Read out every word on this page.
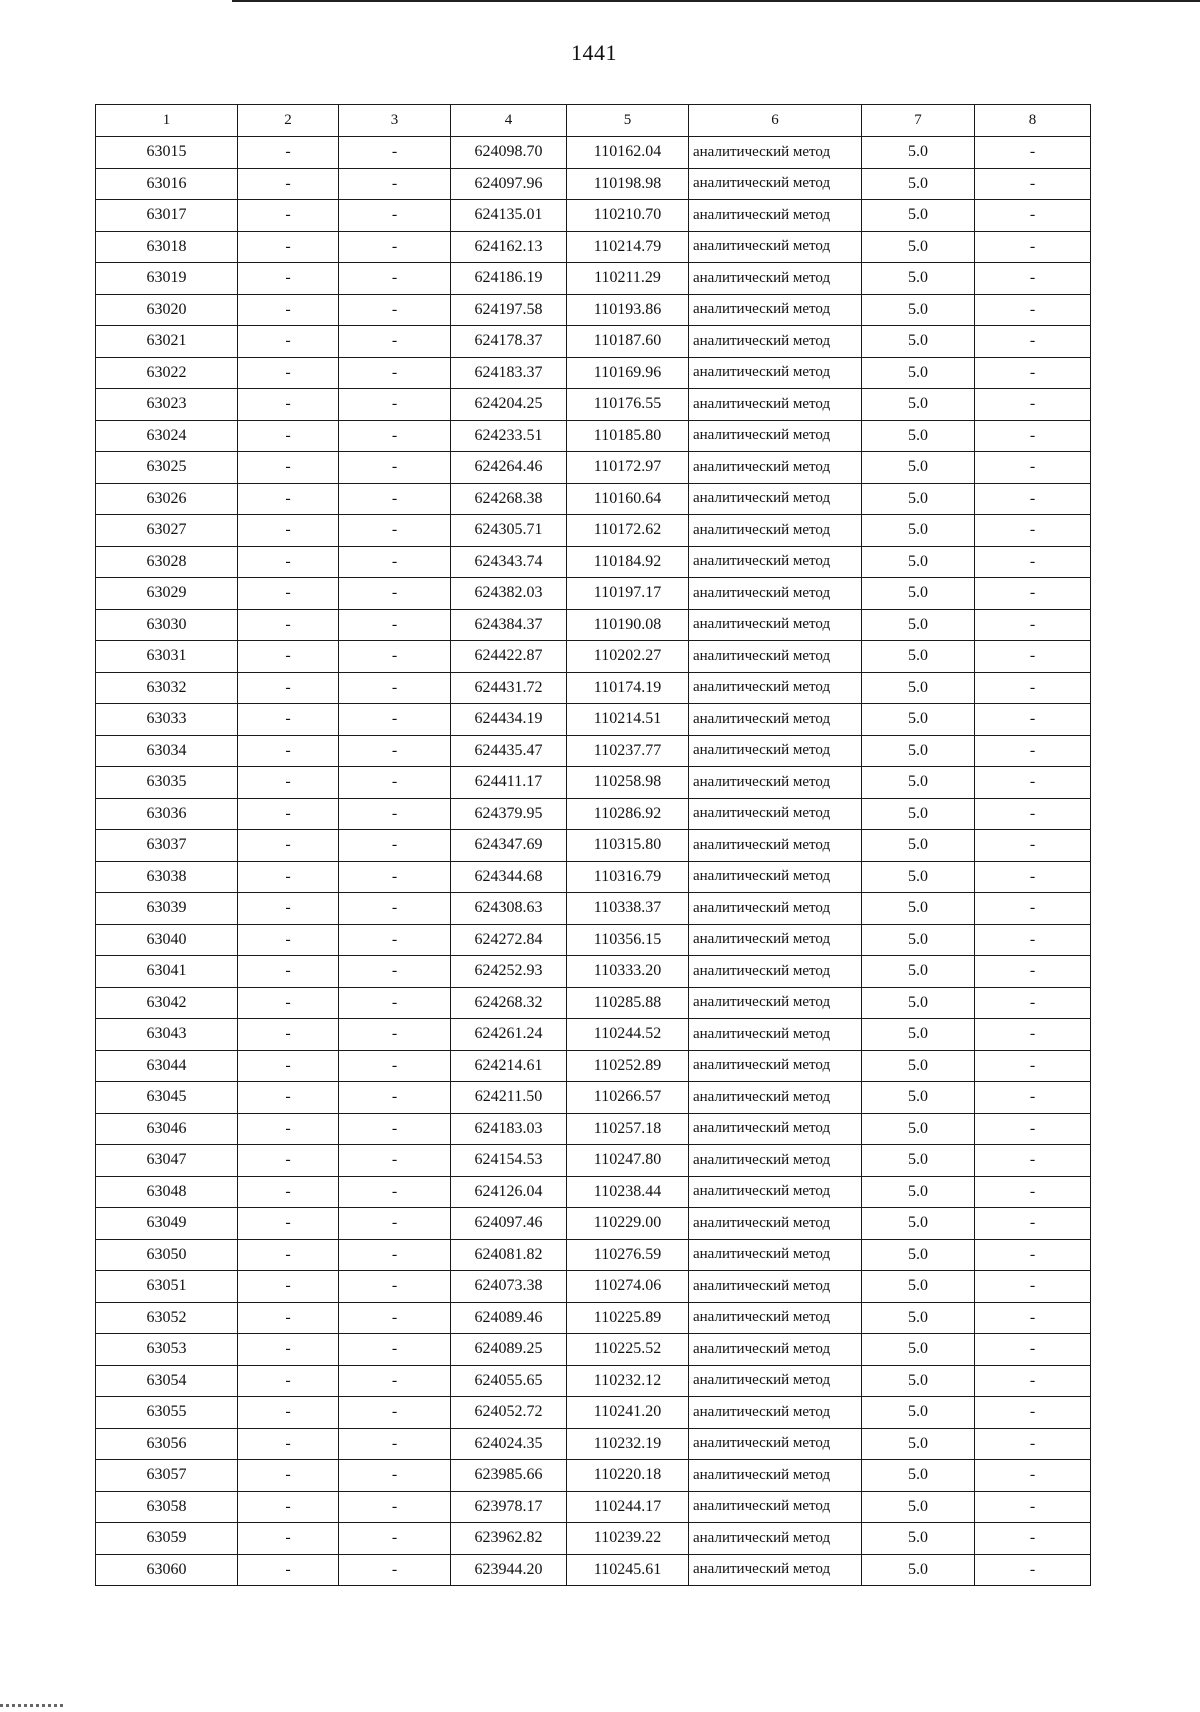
1441
1	2	3	4	5	6	7	8
63015	-	-	624098.70	110162.04	аналитический метод	5.0	-
63016	-	-	624097.96	110198.98	аналитический метод	5.0	-
63017	-	-	624135.01	110210.70	аналитический метод	5.0	-
63018	-	-	624162.13	110214.79	аналитический метод	5.0	-
63019	-	-	624186.19	110211.29	аналитический метод	5.0	-
63020	-	-	624197.58	110193.86	аналитический метод	5.0	-
63021	-	-	624178.37	110187.60	аналитический метод	5.0	-
63022	-	-	624183.37	110169.96	аналитический метод	5.0	-
63023	-	-	624204.25	110176.55	аналитический метод	5.0	-
63024	-	-	624233.51	110185.80	аналитический метод	5.0	-
63025	-	-	624264.46	110172.97	аналитический метод	5.0	-
63026	-	-	624268.38	110160.64	аналитический метод	5.0	-
63027	-	-	624305.71	110172.62	аналитический метод	5.0	-
63028	-	-	624343.74	110184.92	аналитический метод	5.0	-
63029	-	-	624382.03	110197.17	аналитический метод	5.0	-
63030	-	-	624384.37	110190.08	аналитический метод	5.0	-
63031	-	-	624422.87	110202.27	аналитический метод	5.0	-
63032	-	-	624431.72	110174.19	аналитический метод	5.0	-
63033	-	-	624434.19	110214.51	аналитический метод	5.0	-
63034	-	-	624435.47	110237.77	аналитический метод	5.0	-
63035	-	-	624411.17	110258.98	аналитический метод	5.0	-
63036	-	-	624379.95	110286.92	аналитический метод	5.0	-
63037	-	-	624347.69	110315.80	аналитический метод	5.0	-
63038	-	-	624344.68	110316.79	аналитический метод	5.0	-
63039	-	-	624308.63	110338.37	аналитический метод	5.0	-
63040	-	-	624272.84	110356.15	аналитический метод	5.0	-
63041	-	-	624252.93	110333.20	аналитический метод	5.0	-
63042	-	-	624268.32	110285.88	аналитический метод	5.0	-
63043	-	-	624261.24	110244.52	аналитический метод	5.0	-
63044	-	-	624214.61	110252.89	аналитический метод	5.0	-
63045	-	-	624211.50	110266.57	аналитический метод	5.0	-
63046	-	-	624183.03	110257.18	аналитический метод	5.0	-
63047	-	-	624154.53	110247.80	аналитический метод	5.0	-
63048	-	-	624126.04	110238.44	аналитический метод	5.0	-
63049	-	-	624097.46	110229.00	аналитический метод	5.0	-
63050	-	-	624081.82	110276.59	аналитический метод	5.0	-
63051	-	-	624073.38	110274.06	аналитический метод	5.0	-
63052	-	-	624089.46	110225.89	аналитический метод	5.0	-
63053	-	-	624089.25	110225.52	аналитический метод	5.0	-
63054	-	-	624055.65	110232.12	аналитический метод	5.0	-
63055	-	-	624052.72	110241.20	аналитический метод	5.0	-
63056	-	-	624024.35	110232.19	аналитический метод	5.0	-
63057	-	-	623985.66	110220.18	аналитический метод	5.0	-
63058	-	-	623978.17	110244.17	аналитический метод	5.0	-
63059	-	-	623962.82	110239.22	аналитический метод	5.0	-
63060	-	-	623944.20	110245.61	аналитический метод	5.0	-
